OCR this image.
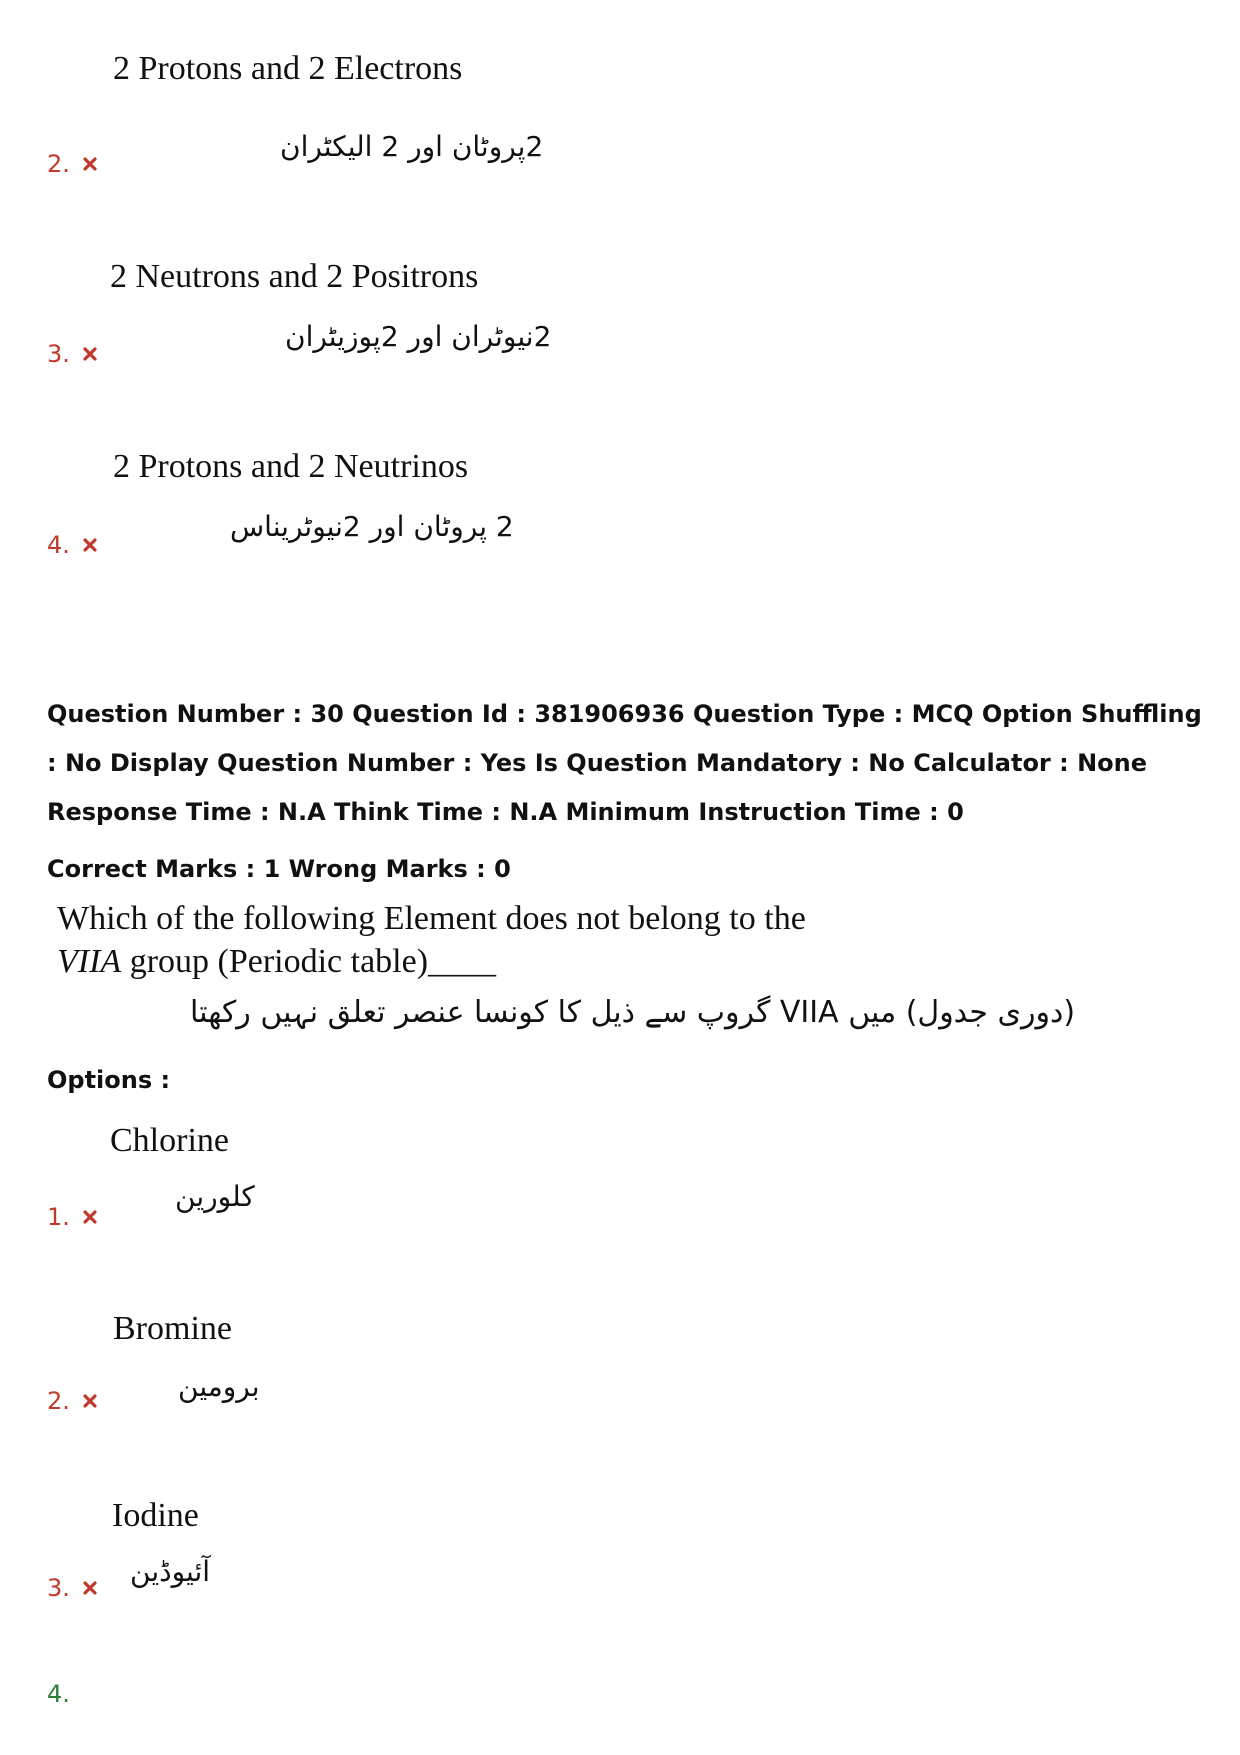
2 Protons and 2 Electrons
2پروٹان اور 2 الیکٹران
2.
2 Neutrons and 2 Positrons
2نیوٹران اور 2پوزیٹران
3.
2 Protons and 2 Neutrinos
2 پروٹان اور 2نیوٹریناس
4.
Question Number : 30 Question Id : 381906936 Question Type : MCQ Option Shuffling : No Display Question Number : Yes Is Question Mandatory : No Calculator : None Response Time : N.A Think Time : N.A Minimum Instruction Time : 0
Correct Marks : 1 Wrong Marks : 0
Which of the following Element does not belong to the
VIIA group (Periodic table)____
(دوری جدول) میں VIIA گروپ سے ذیل کا کونسا عنصر تعلق نہیں رکھتا
Options :
Chlorine
کلورین
1.
Bromine
برومین
2.
Iodine
آئیوڈین
3.
4.
